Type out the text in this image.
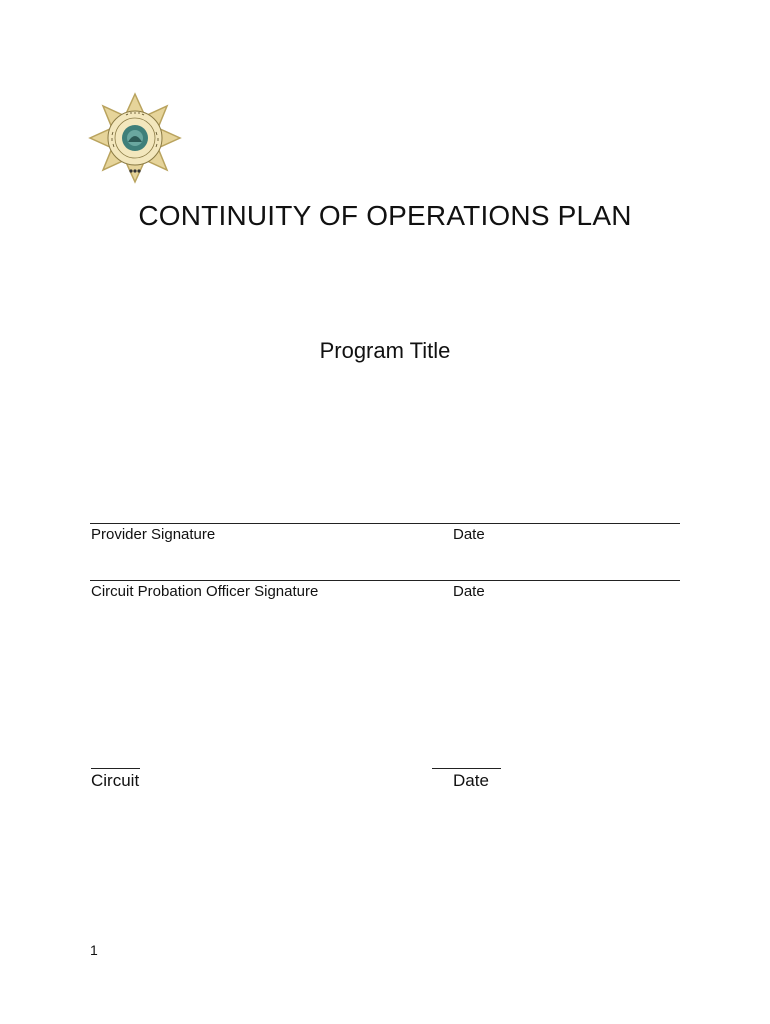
CONTINUITY OF OPERATIONS PLAN
Program Title
Provider Signature	Date
Circuit Probation Officer Signature	Date
Circuit	Date
1
